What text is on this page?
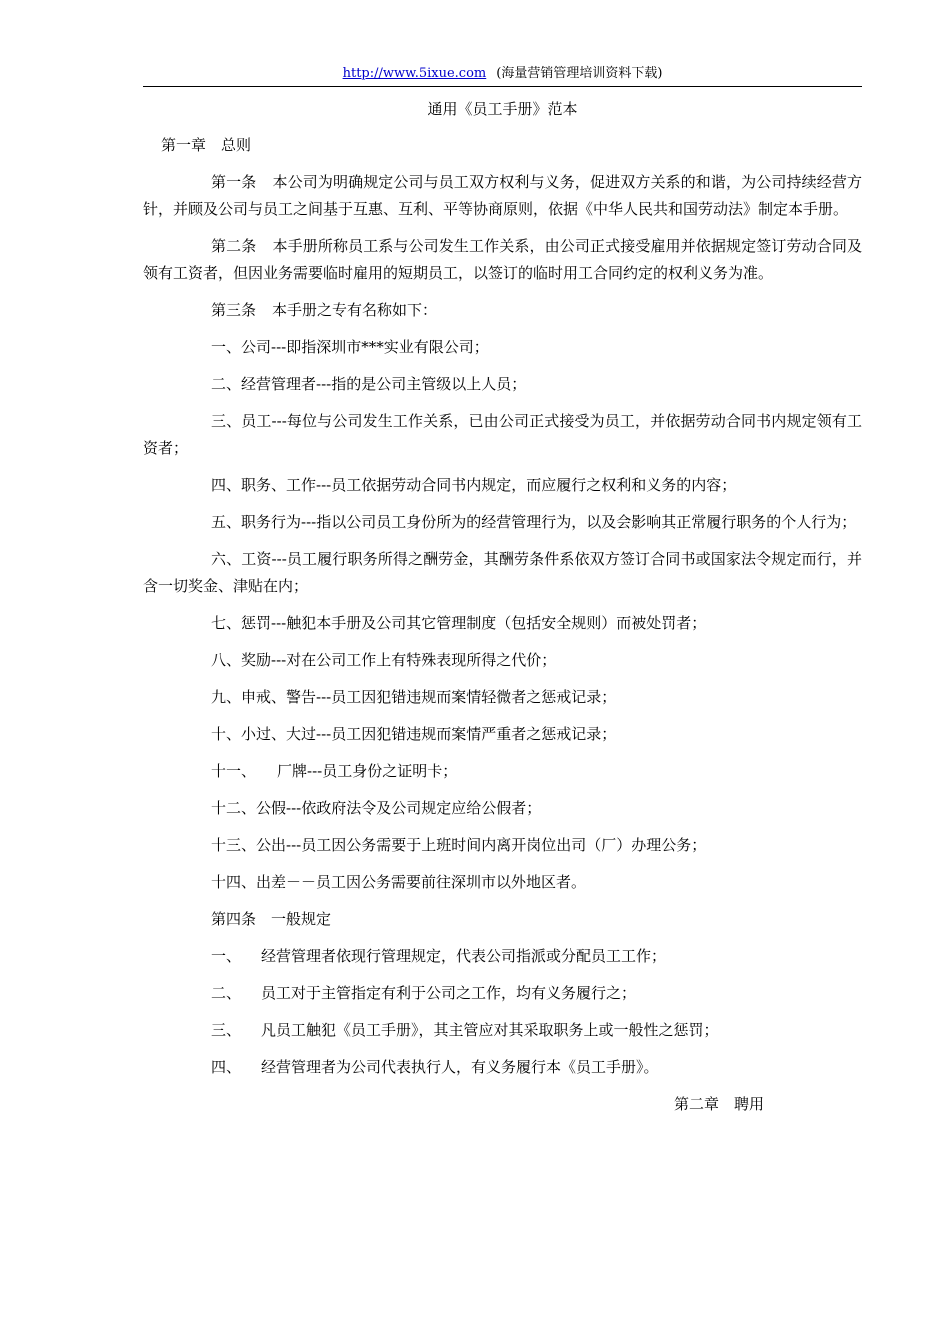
http://www.5ixue.com (海量营销管理培训资料下载)
通用《员工手册》范本
第一章　总则

第一条 本公司为明确规定公司与员工双方权利与义务，促进双方关系的和谐，为公司持续经营方针，并顾及公司与员工之间基于互惠、互利、平等协商原则，依据《中华人民共和国劳动法》制定本手册。

第二条 本手册所称员工系与公司发生工作关系，由公司正式接受雇用并依据规定签订劳动合同及领有工资者，但因业务需要临时雇用的短期员工，以签订的临时用工合同约定的权利义务为准。

第三条 本手册之专有名称如下：

一、公司---即指深圳市***实业有限公司；

二、经营管理者---指的是公司主管级以上人员；

三、员工---每位与公司发生工作关系，已由公司正式接受为员工，并依据劳动合同书内规定领有工资者；

四、职务、工作---员工依据劳动合同书内规定，而应履行之权利和义务的内容；

五、职务行为---指以公司员工身份所为的经营管理行为，以及会影响其正常履行职务的个人行为；

六、工资---员工履行职务所得之酬劳金，其酬劳条件系依双方签订合同书或国家法令规定而行，并含一切奖金、津贴在内；

七、惩罚---触犯本手册及公司其它管理制度（包括安全规则）而被处罚者；

八、奖励---对在公司工作上有特殊表现所得之代价；

九、申戒、警告---员工因犯错违规而案情轻微者之惩戒记录；

十、小过、大过---员工因犯错违规而案情严重者之惩戒记录；

十一、 厂牌---员工身份之证明卡；

十二、公假---依政府法令及公司规定应给公假者；

十三、公出---员工因公务需要于上班时间内离开岗位出司（厂）办理公务；

十四、出差－－员工因公务需要前往深圳市以外地区者。

第四条　一般规定

一、 经营管理者依现行管理规定，代表公司指派或分配员工工作；

二、 员工对于主管指定有利于公司之工作，均有义务履行之；

三、 凡员工触犯《员工手册》，其主管应对其采取职务上或一般性之惩罚；

四、 经营管理者为公司代表执行人，有义务履行本《员工手册》。

第二章　聘用
